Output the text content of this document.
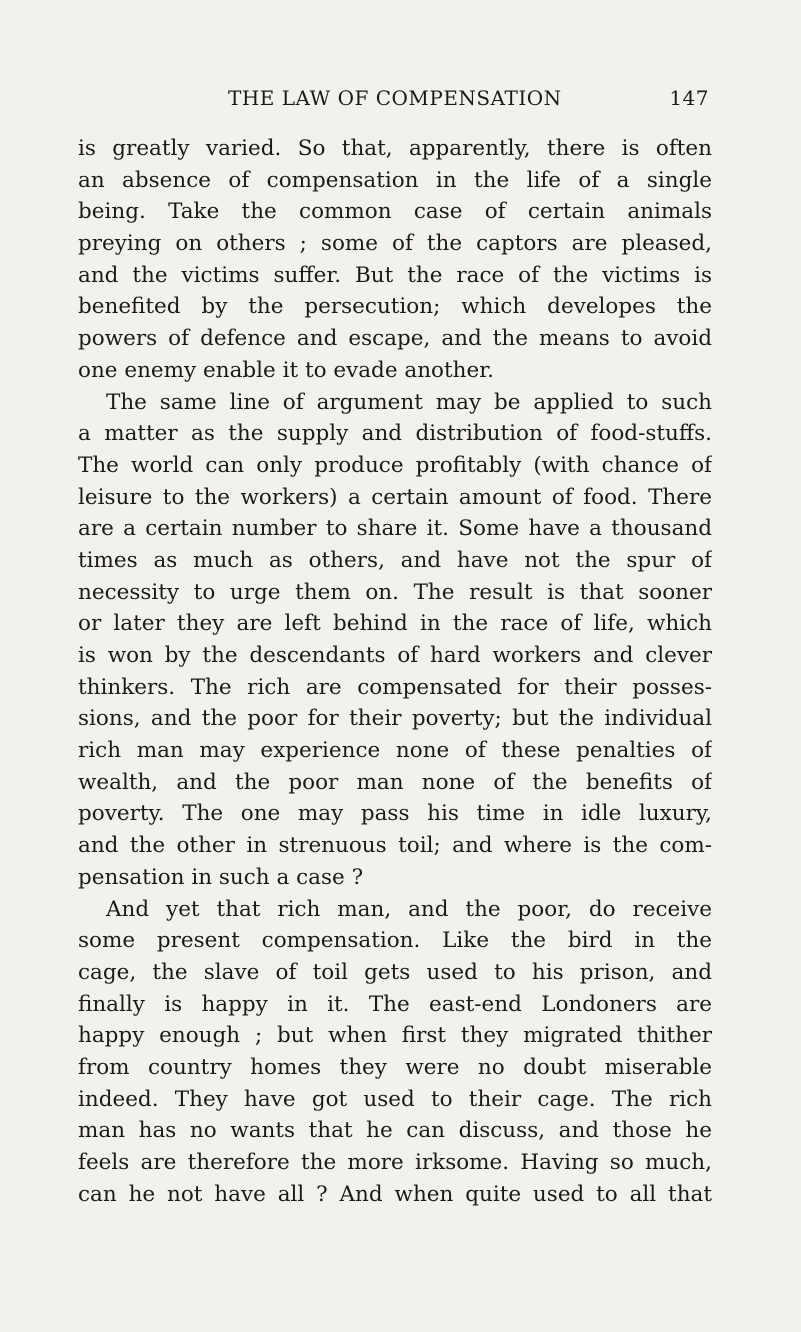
THE LAW OF COMPENSATION	147
is greatly varied. So that, apparently, there is often
an absence of compensation in the life of a single
being. Take the common case of certain animals
preying on others ; some of the captors are pleased,
and the victims suffer. But the race of the victims is
benefited by the persecution; which developes the
powers of defence and escape, and the means to avoid
one enemy enable it to evade another.
The same line of argument may be applied to such
a matter as the supply and distribution of food-stuffs.
The world can only produce profitably (with chance of
leisure to the workers) a certain amount of food. There
are a certain number to share it. Some have a thousand
times as much as others, and have not the spur of
necessity to urge them on. The result is that sooner
or later they are left behind in the race of life, which
is won by the descendants of hard workers and clever
thinkers. The rich are compensated for their posses-
sions, and the poor for their poverty; but the individual
rich man may experience none of these penalties of
wealth, and the poor man none of the benefits of
poverty. The one may pass his time in idle luxury,
and the other in strenuous toil; and where is the com-
pensation in such a case ?
And yet that rich man, and the poor, do receive
some present compensation. Like the bird in the
cage, the slave of toil gets used to his prison, and
finally is happy in it. The east-end Londoners are
happy enough ; but when first they migrated thither
from country homes they were no doubt miserable
indeed. They have got used to their cage. The rich
man has no wants that he can discuss, and those he
feels are therefore the more irksome. Having so much,
can he not have all ? And when quite used to all that
